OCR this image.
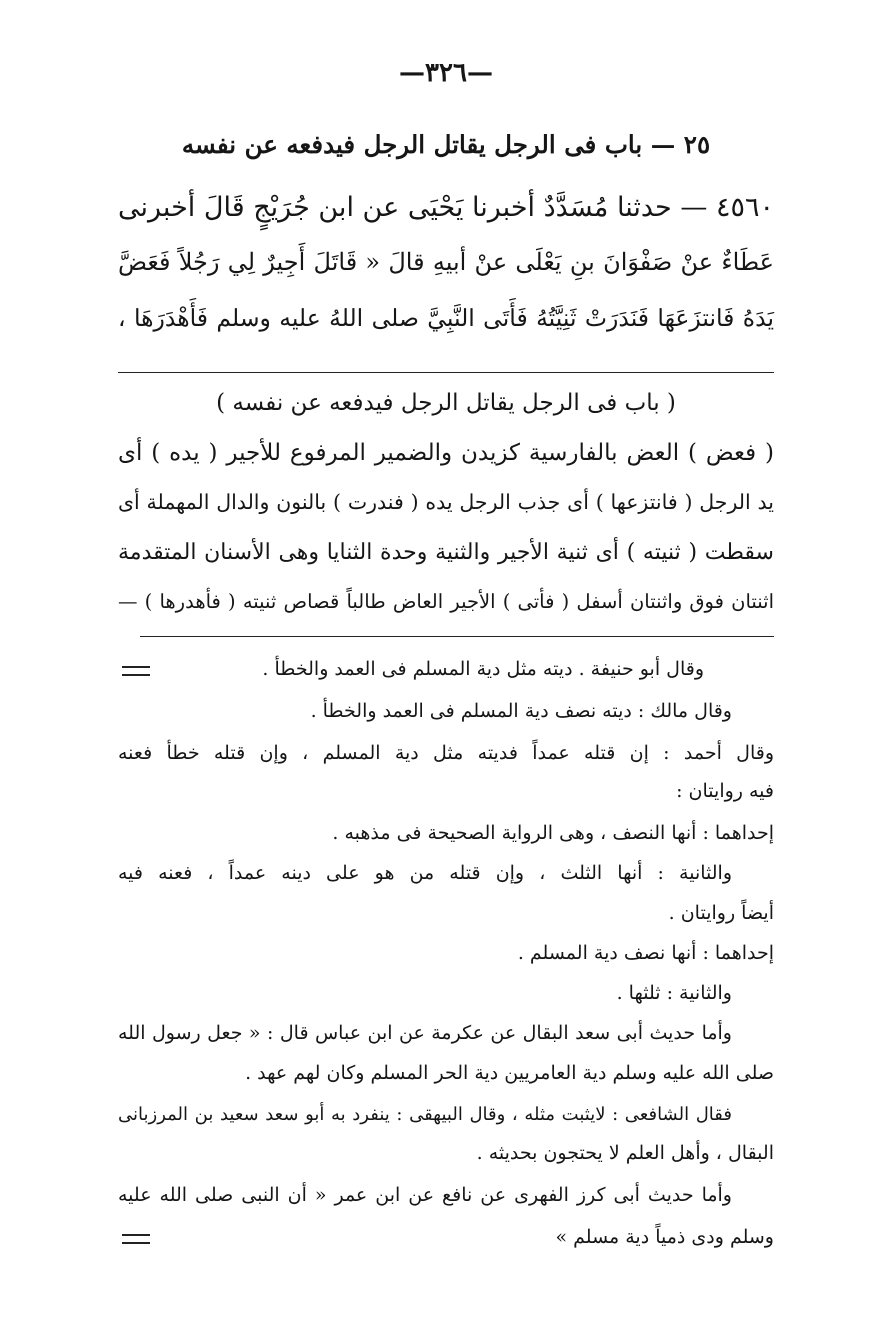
—٣٢٦—
٢٥ — باب فى الرجل يقاتل الرجل فيدفعه عن نفسه
٤٥٦٠ — حدثنا مُسَدَّدٌ أخبرنا يَحْيَى عن ابن جُرَيْجٍ قَالَ أخبرنى
عَطَاءٌ عنْ صَفْوَانَ بنِ يَعْلَى عنْ أبيهِ قالَ « قَاتَلَ أَجِيرٌ لِي رَجُلاً فَعَضَّ
يَدَهُ فَانتزَعَهَا فَنَدَرَتْ ثَنِيَّتُهُ فَأَتَى النَّبِيَّ صلى اللهُ عليه وسلم فَأَهْدَرَهَا ،
( باب فى الرجل يقاتل الرجل فيدفعه عن نفسه )
( فعض ) العض بالفارسية كزيدن والضمير المرفوع للأجير ( يده ) أى
يد الرجل ( فانتزعها ) أى جذب الرجل يده ( فندرت ) بالنون والدال المهملة أى
سقطت ( ثنيته ) أى ثنية الأجير والثنية وحدة الثنايا وهى الأسنان المتقدمة
اثنتان فوق واثنتان أسفل ( فأتى ) الأجير العاض طالباً قصاص ثنيته ( فأهدرها ) —
وقال أبو حنيفة . ديته مثل دية المسلم فى العمد والخطأ .
وقال مالك : ديته نصف دية المسلم فى العمد والخطأ .
وقال أحمد : إن قتله عمداً فديته مثل دية المسلم ، وإن قتله خطأ فعنه
فيه روايتان :
إحداهما : أنها النصف ، وهى الرواية الصحيحة فى مذهبه .
والثانية : أنها الثلث ، وإن قتله من هو على دينه عمداً ، فعنه فيه
أيضاً روايتان .
إحداهما : أنها نصف دية المسلم .
والثانية : ثلثها .
وأما حديث أبى سعد البقال عن عكرمة عن ابن عباس قال : « جعل رسول الله
صلى الله عليه وسلم دية العامريين دية الحر المسلم وكان لهم عهد .
فقال الشافعى : لايثبت مثله ، وقال البيهقى : ينفرد به أبو سعد سعيد بن المرزبانى
البقال ، وأهل العلم لا يحتجون بحديثه .
وأما حديث أبى كرز الفهرى عن نافع عن ابن عمر « أن النبى صلى الله عليه
وسلم ودى ذمياً دية مسلم »
